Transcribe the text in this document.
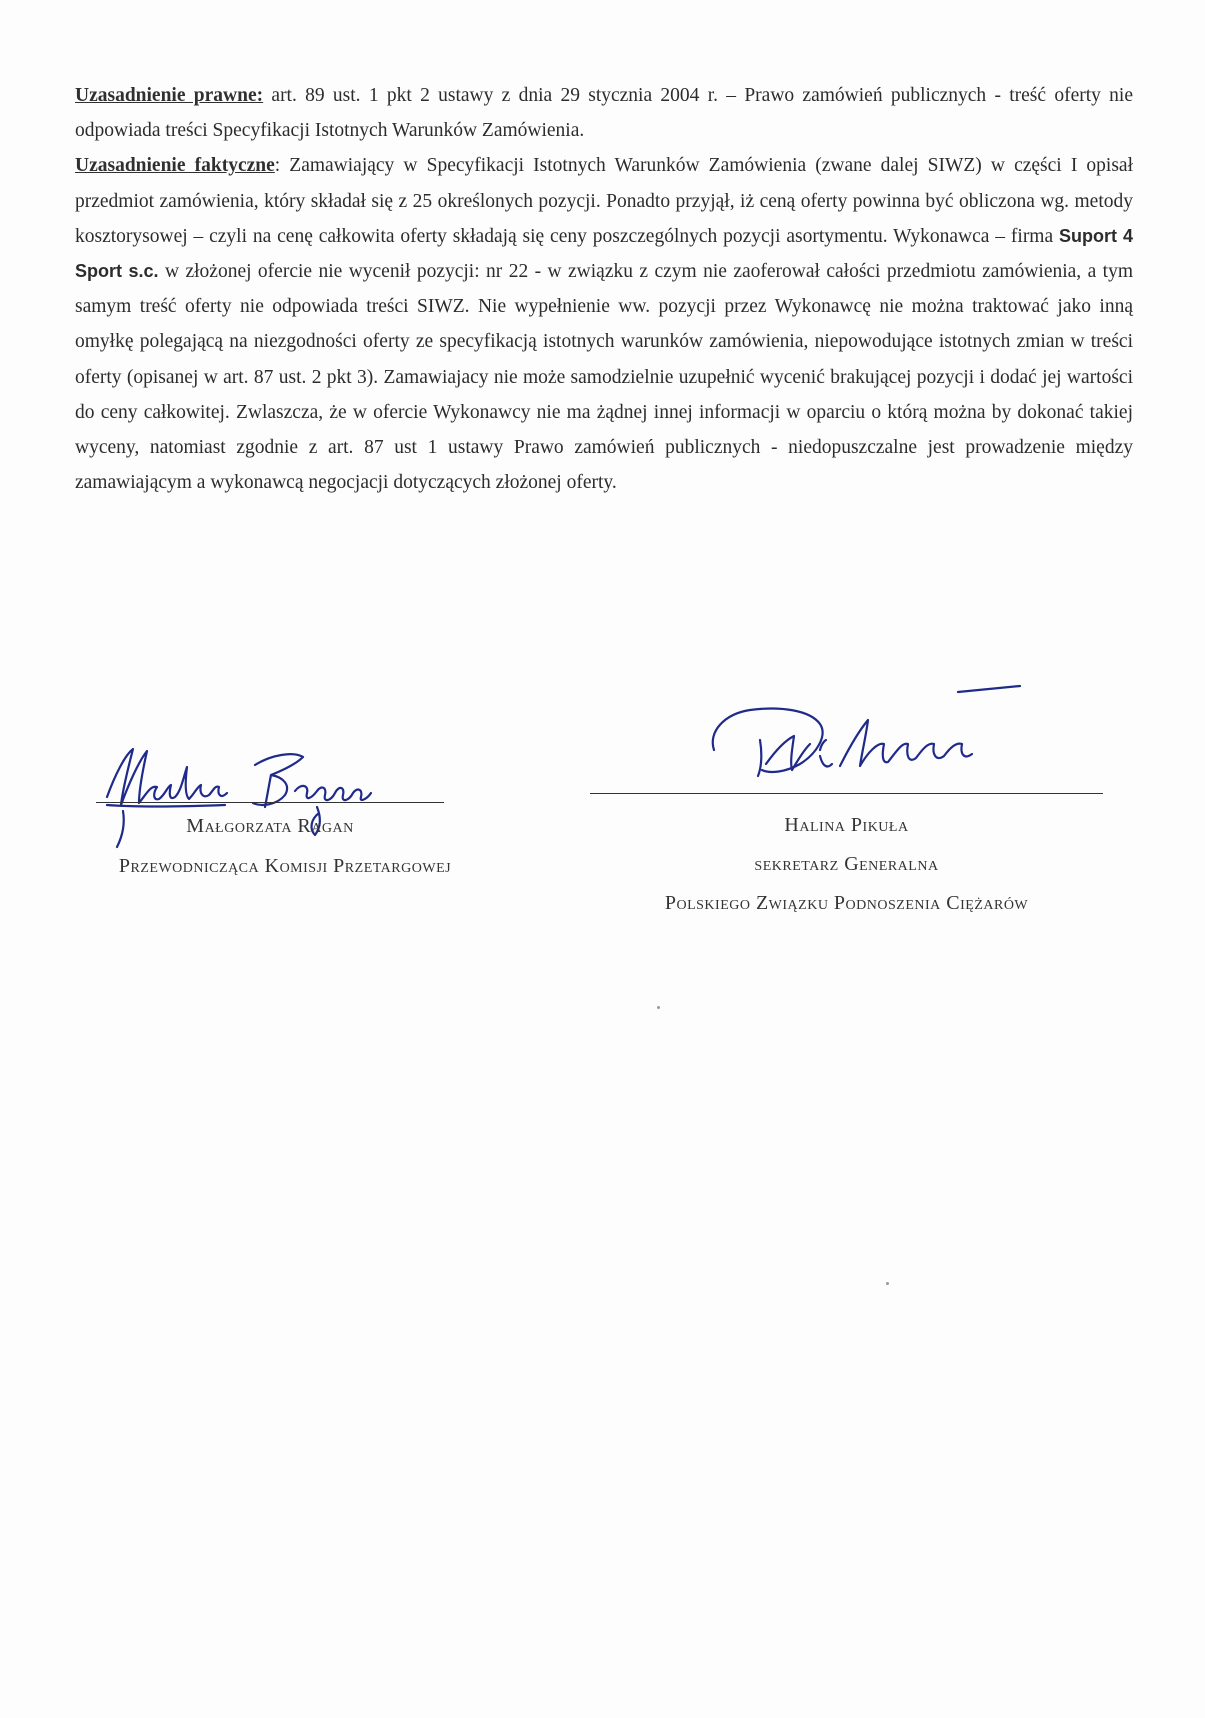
Uzasadnienie prawne: art. 89 ust. 1 pkt 2 ustawy z dnia 29 stycznia 2004 r. – Prawo zamówień publicznych - treść oferty nie odpowiada treści Specyfikacji Istotnych Warunków Zamówienia.

Uzasadnienie faktyczne: Zamawiający w Specyfikacji Istotnych Warunków Zamówienia (zwane dalej SIWZ) w części I opisał przedmiot zamówienia, który składał się z 25 określonych pozycji. Ponadto przyjął, iż ceną oferty powinna być obliczona wg. metody kosztorysowej – czyli na cenę całkowita oferty składają się ceny poszczególnych pozycji asortymentu. Wykonawca – firma Suport 4 Sport s.c. w złożonej ofercie nie wycenił pozycji: nr 22 - w związku z czym nie zaoferował całości przedmiotu zamówienia, a tym samym treść oferty nie odpowiada treści SIWZ. Nie wypełnienie ww. pozycji przez Wykonawcę nie można traktować jako inną omyłkę polegającą na niezgodności oferty ze specyfikacją istotnych warunków zamówienia, niepowodujące istotnych zmian w treści oferty (opisanej w art. 87 ust. 2 pkt 3). Zamawiajacy nie może samodzielnie uzupełnić wycenić brakującej pozycji i dodać jej wartości do ceny całkowitej. Zwlaszcza, że w ofercie Wykonawcy nie ma żądnej innej informacji w oparciu o którą można by dokonać takiej wyceny, natomiast zgodnie z art. 87 ust 1 ustawy Prawo zamówień publicznych - niedopuszczalne jest prowadzenie między zamawiającym a wykonawcą negocjacji dotyczących złożonej oferty.

Małgorzata Ragan
Przewodnicząca Komisji Przetargowej
Halina Pikuła
sekretarz Generalna
Polskiego Związku Podnoszenia Ciężarów
